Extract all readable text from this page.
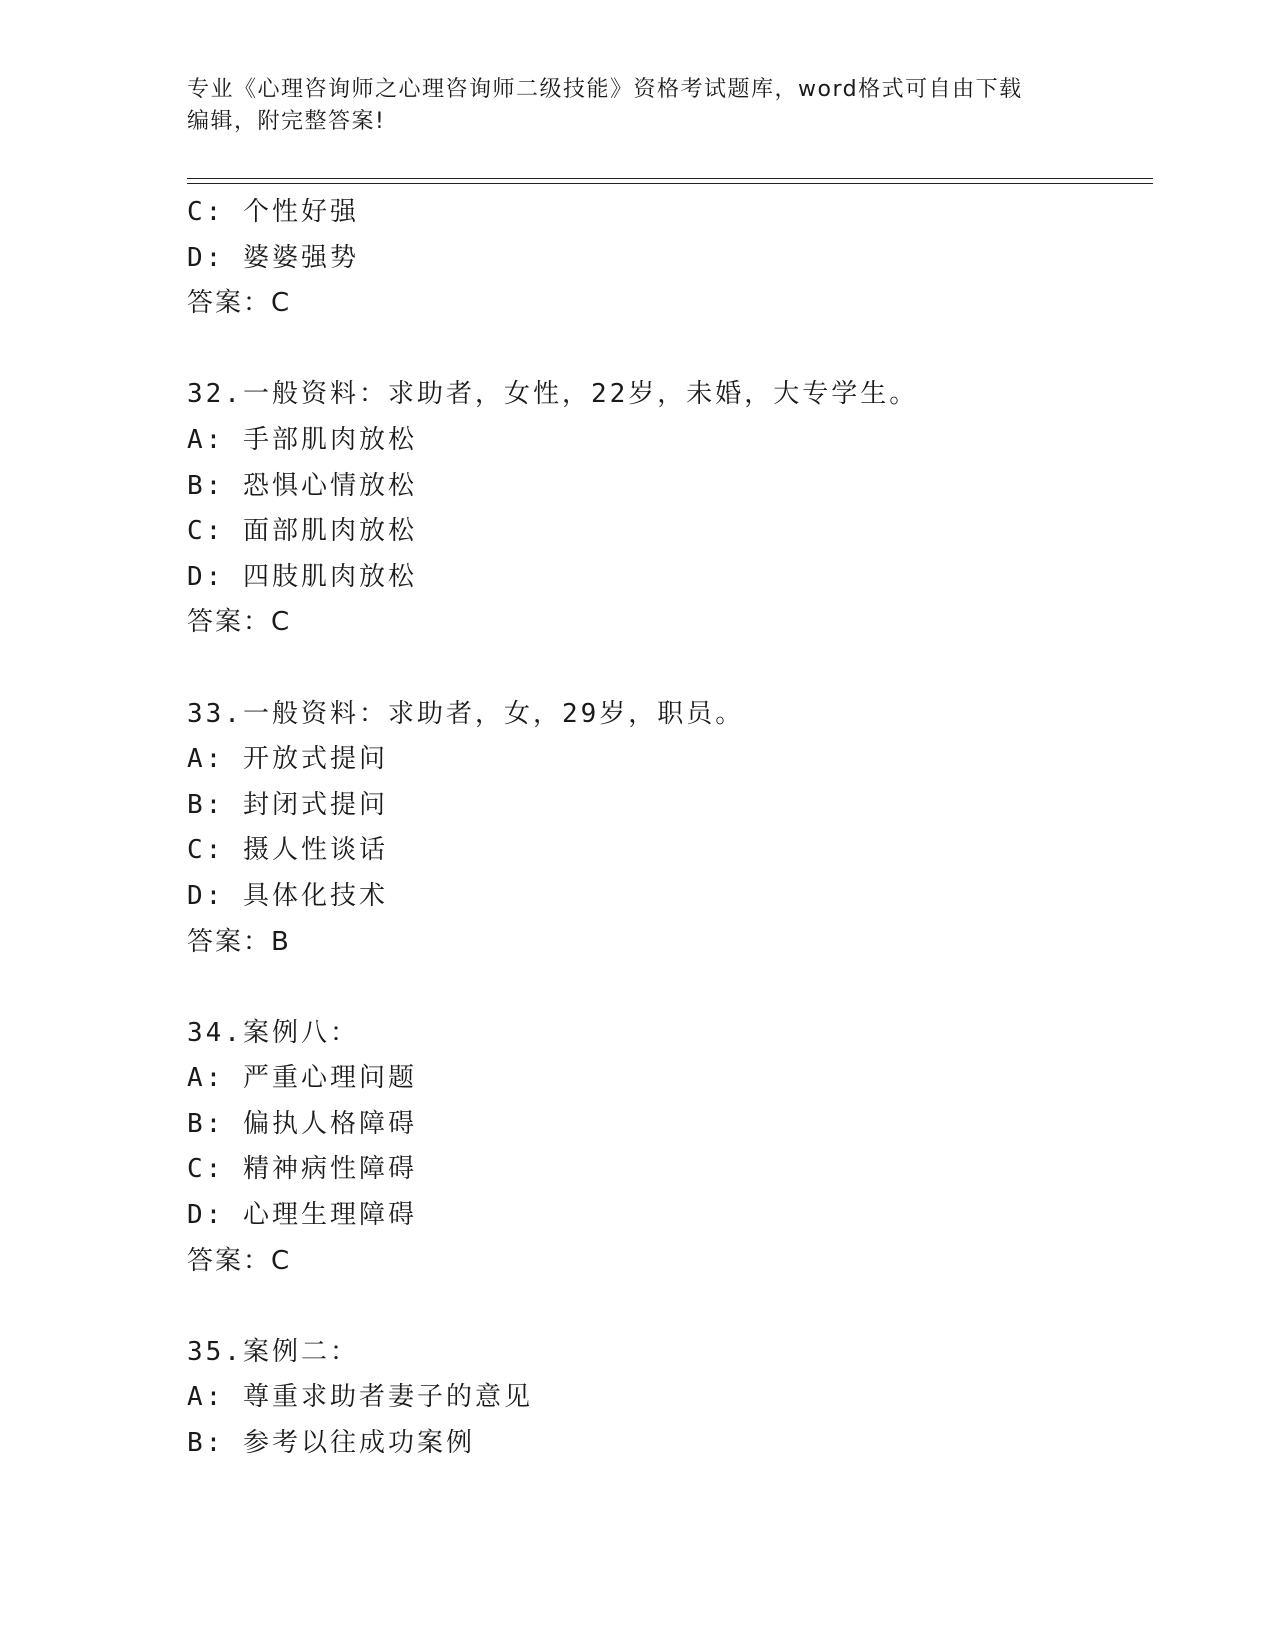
专业《心理咨询师之心理咨询师二级技能》资格考试题库，word格式可自由下载
编辑，附完整答案!
C: 个性好强
D: 婆婆强势
答案：C
32.一般资料：求助者，女性，22岁，未婚，大专学生。
A: 手部肌肉放松
B: 恐惧心情放松
C: 面部肌肉放松
D: 四肢肌肉放松
答案：C
33.一般资料：求助者，女，29岁，职员。
A: 开放式提问
B: 封闭式提问
C: 摄人性谈话
D: 具体化技术
答案：B
34.案例八：
A: 严重心理问题
B: 偏执人格障碍
C: 精神病性障碍
D: 心理生理障碍
答案：C
35.案例二：
A: 尊重求助者妻子的意见
B: 参考以往成功案例
